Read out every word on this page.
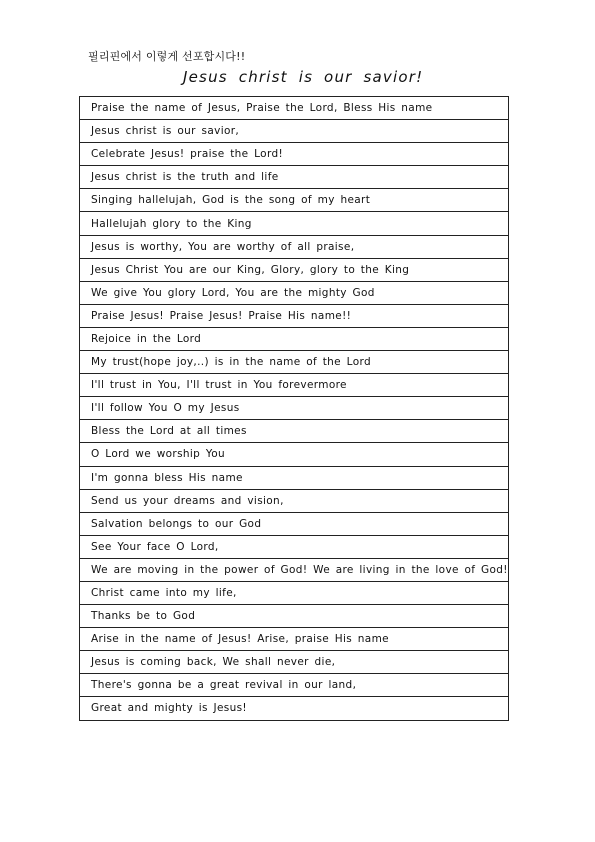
필리핀에서 이렇게 선포합시다!!
Jesus christ is our savior!
Praise the name of Jesus, Praise the Lord, Bless His name
Jesus christ is our savior,
Celebrate Jesus! praise the Lord!
Jesus christ is the truth and life
Singing hallelujah, God is the song of my heart
Hallelujah glory to the King
Jesus is worthy, You are worthy of all praise,
Jesus Christ You are our King, Glory, glory to the King
We give You glory Lord, You are the mighty God
Praise Jesus! Praise Jesus! Praise His name!!
Rejoice in the Lord
My trust(hope joy,..) is in the name of the Lord
I'll trust in You, I'll trust in You forevermore
I'll follow You O my Jesus
Bless the Lord at all times
O Lord we worship You
I'm gonna bless His name
Send us your dreams and vision,
Salvation belongs to our God
See Your face O Lord,
We are moving in the power of God! We are living in the love of God!
Christ came into my life,
Thanks be to God
Arise in the name of Jesus! Arise, praise His name
Jesus is coming back, We shall never die,
There's gonna be a great revival in our land,
Great and mighty is Jesus!
